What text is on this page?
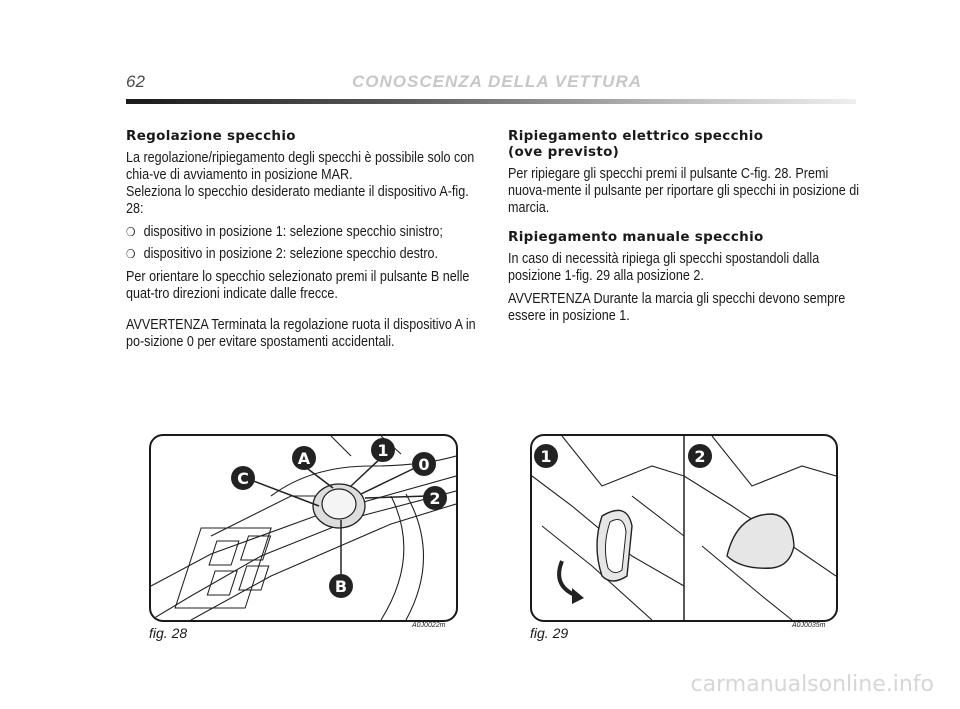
62	CONOSCENZA DELLA VETTURA
Regolazione specchio

La regolazione/ripiegamento degli specchi è possibile solo con chia-ve di avviamento in posizione MAR.

Seleziona lo specchio desiderato mediante il dispositivo A-fig. 28:

❍ dispositivo in posizione 1: selezione specchio sinistro;
❍ dispositivo in posizione 2: selezione specchio destro.

Per orientare lo specchio selezionato premi il pulsante B nelle quat-tro direzioni indicate dalle frecce.

AVVERTENZA Terminata la regolazione ruota il dispositivo A in po-sizione 0 per evitare spostamenti accidentali.

Ripiegamento elettrico specchio
(ove previsto)

Per ripiegare gli specchi premi il pulsante C-fig. 28. Premi nuova-mente il pulsante per riportare gli specchi in posizione di marcia.

Ripiegamento manuale specchio

In caso di necessità ripiega gli specchi spostandoli dalla posizione 1-fig. 29 alla posizione 2.

AVVERTENZA Durante la marcia gli specchi devono sempre essere in posizione 1.

A	1
0
2
C
B
fig. 28	A0J0022m
1	2
fig. 29	A0J0035m
carmanualsonline.info
